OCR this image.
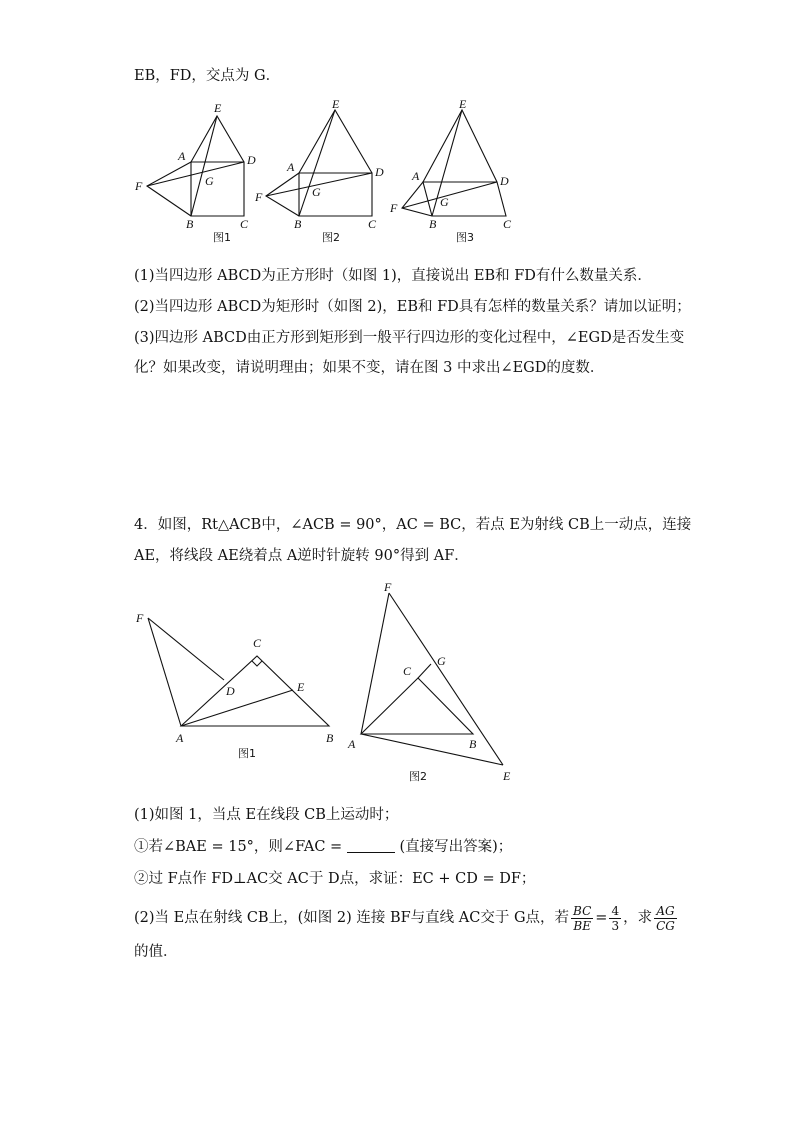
EB，FD，交点为 G．
E
A	D
F	G
B	C
图1
E
A	D
F	G
B	C
图2
E
A	D
F	G
B	C
图3
(1)当四边形 ABCD为正方形时（如图 1)，直接说出 EB和 FD有什么数量关系．
(2)当四边形 ABCD为矩形时（如图 2)，EB和 FD具有怎样的数量关系？请加以证明；
(3)四边形 ABCD由正方形到矩形到一般平行四边形的变化过程中，∠EGD是否发生变
化？如果改变，请说明理由；如果不变，请在图 3 中求出∠EGD的度数．
4．如图，Rt△ACB中，∠ACB = 90°，AC = BC，若点 E为射线 CB上一动点，连接
AE，将线段 AE绕着点 A逆时针旋转 90°得到 AF．
F
C
D	E
A	B
图1
F
C
G
A	B
E
图2
(1)如图 1，当点 E在线段 CB上运动时；
①若∠BAE = 15°，则∠FAC =	(直接写出答案)；
②过 F点作 FD⊥AC交 AC于 D点，求证：EC + CD = DF；
(2)当 E点在射线 CB上，(如图 2) 连接 BF与直线 AC交于 G点，若 $\frac{BC}{BE} = \frac{4}{3}$ ，求 $\frac{AG}{CG}$
的值．
